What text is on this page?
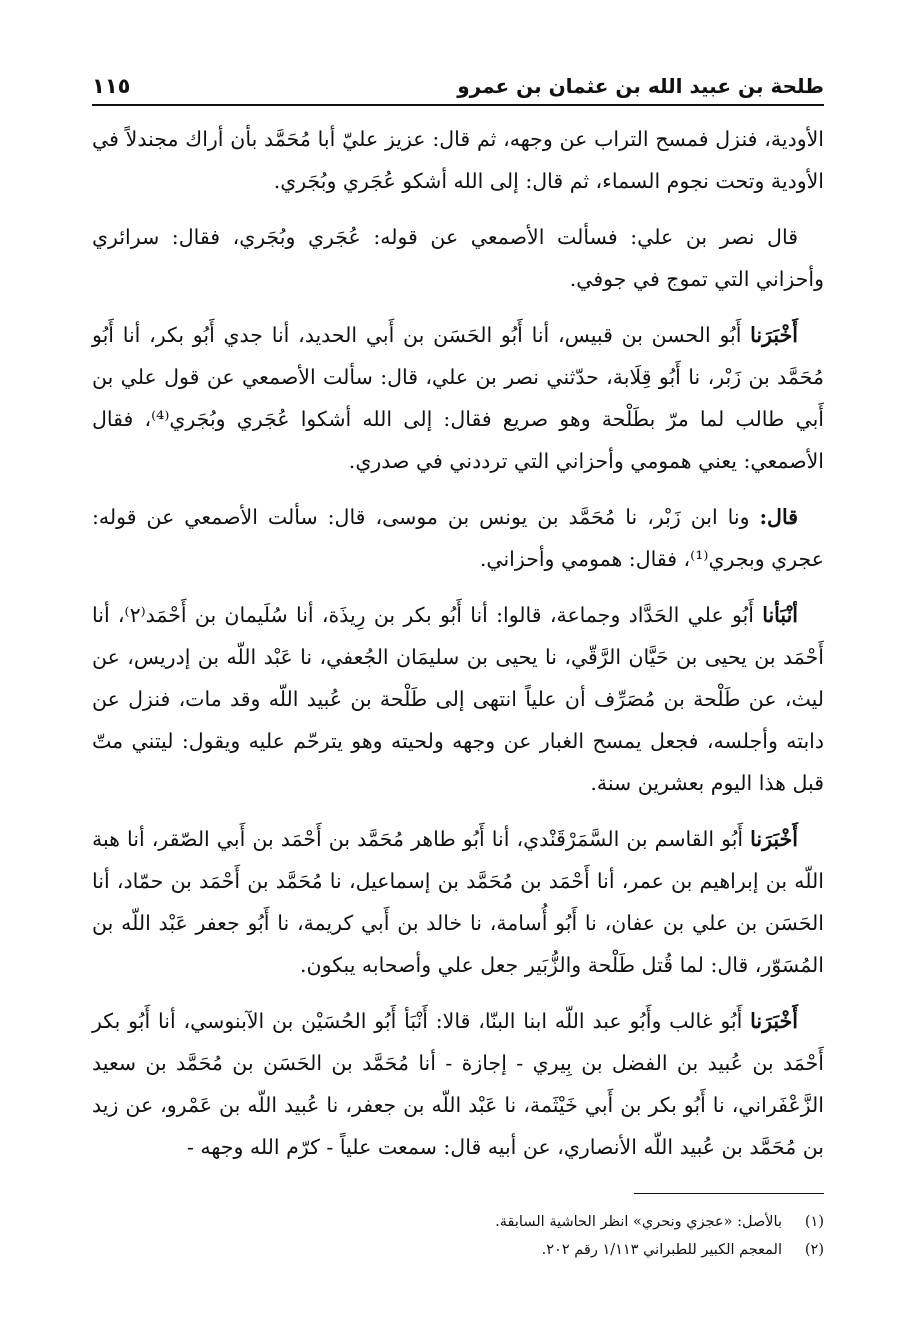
طلحة بن عبيد الله بن عثمان بن عمرو
١١٥

الأودية، فنزل فمسح التراب عن وجهه، ثم قال: عزيز عليّ أبا مُحَمَّد بأن أراك مجندلاً في الأودية وتحت نجوم السماء، ثم قال: إلى الله أشكو عُجَري وبُجَري.

قال نصر بن علي: فسألت الأصمعي عن قوله: عُجَري وبُجَري، فقال: سرائري وأحزاني التي تموج في جوفي.

أَخْبَرَنا أَبُو الحسن بن قبيس، أنا أَبُو الحَسَن بن أَبي الحديد، أنا جدي أَبُو بكر، أنا أَبُو مُحَمَّد بن زَبْر، نا أَبُو قِلَابة، حدّثني نصر بن علي، قال: سألت الأصمعي عن قول علي بن أَبي طالب لما مرّ بطَلْحة وهو صريع فقال: إلى الله أشكوا عُجَري وبُجَري⁽⁴⁾، فقال الأصمعي: يعني همومي وأحزاني التي ترددني في صدري.

قال: ونا ابن زَبْر، نا مُحَمَّد بن يونس بن موسى، قال: سألت الأصمعي عن قوله: عجري وبجري⁽¹⁾، فقال: همومي وأحزاني.

أنْبَأنا أَبُو علي الحَدَّاد وجماعة، قالوا: أنا أَبُو بكر بن رِيذَة، أنا سُلَيمان بن أَحْمَد⁽٢⁾، أنا أَحْمَد بن يحيى بن حَيَّان الرَّقّي، نا يحيى بن سليمَان الجُعفي، نا عَبْد اللّه بن إدريس، عن ليث، عن طَلْحة بن مُصَرِّف أن علياً انتهى إلى طَلْحة بن عُبيد اللّه وقد مات، فنزل عن دابته وأجلسه، فجعل يمسح الغبار عن وجهه ولحيته وهو يترحّم عليه ويقول: ليتني متّ قبل هذا اليوم بعشرين سنة.

أَخْبَرَنا أَبُو القاسم بن السَّمَرْقَنْدي، أنا أَبُو طاهر مُحَمَّد بن أَحْمَد بن أَبي الصّقر، أنا هبة اللّه بن إبراهيم بن عمر، أنا أَحْمَد بن مُحَمَّد بن إسماعيل، نا مُحَمَّد بن أَحْمَد بن حمّاد، أنا الحَسَن بن علي بن عفان، نا أَبُو أُسامة، نا خالد بن أَبي كريمة، نا أَبُو جعفر عَبْد اللّه بن المُسَوّر، قال: لما قُتل طَلْحة والزُّبَير جعل علي وأصحابه يبكون.

أَخْبَرَنا أَبُو غالب وأَبُو عبد اللّه ابنا البنّا، قالا: أَنْبَأ أَبُو الحُسَيْن بن الآبنوسي، أنا أَبُو بكر أَحْمَد بن عُبيد بن الفضل بن بِيري - إجازة - أنا مُحَمَّد بن الحَسَن بن مُحَمَّد بن سعيد الزَّعْفَراني، نا أَبُو بكر بن أَبي خَيْثَمة، نا عَبْد اللّه بن جعفر، نا عُبيد اللّه بن عَمْرو، عن زيد بن مُحَمَّد بن عُبيد اللّه الأنصاري، عن أبيه قال: سمعت علياً - كرّم الله وجهه -

(١)
بالأصل: «عجزي ونحري» انظر الحاشية السابقة.
(٢)
المعجم الكبير للطبراني ١/١١٣ رقم ٢٠٢.
